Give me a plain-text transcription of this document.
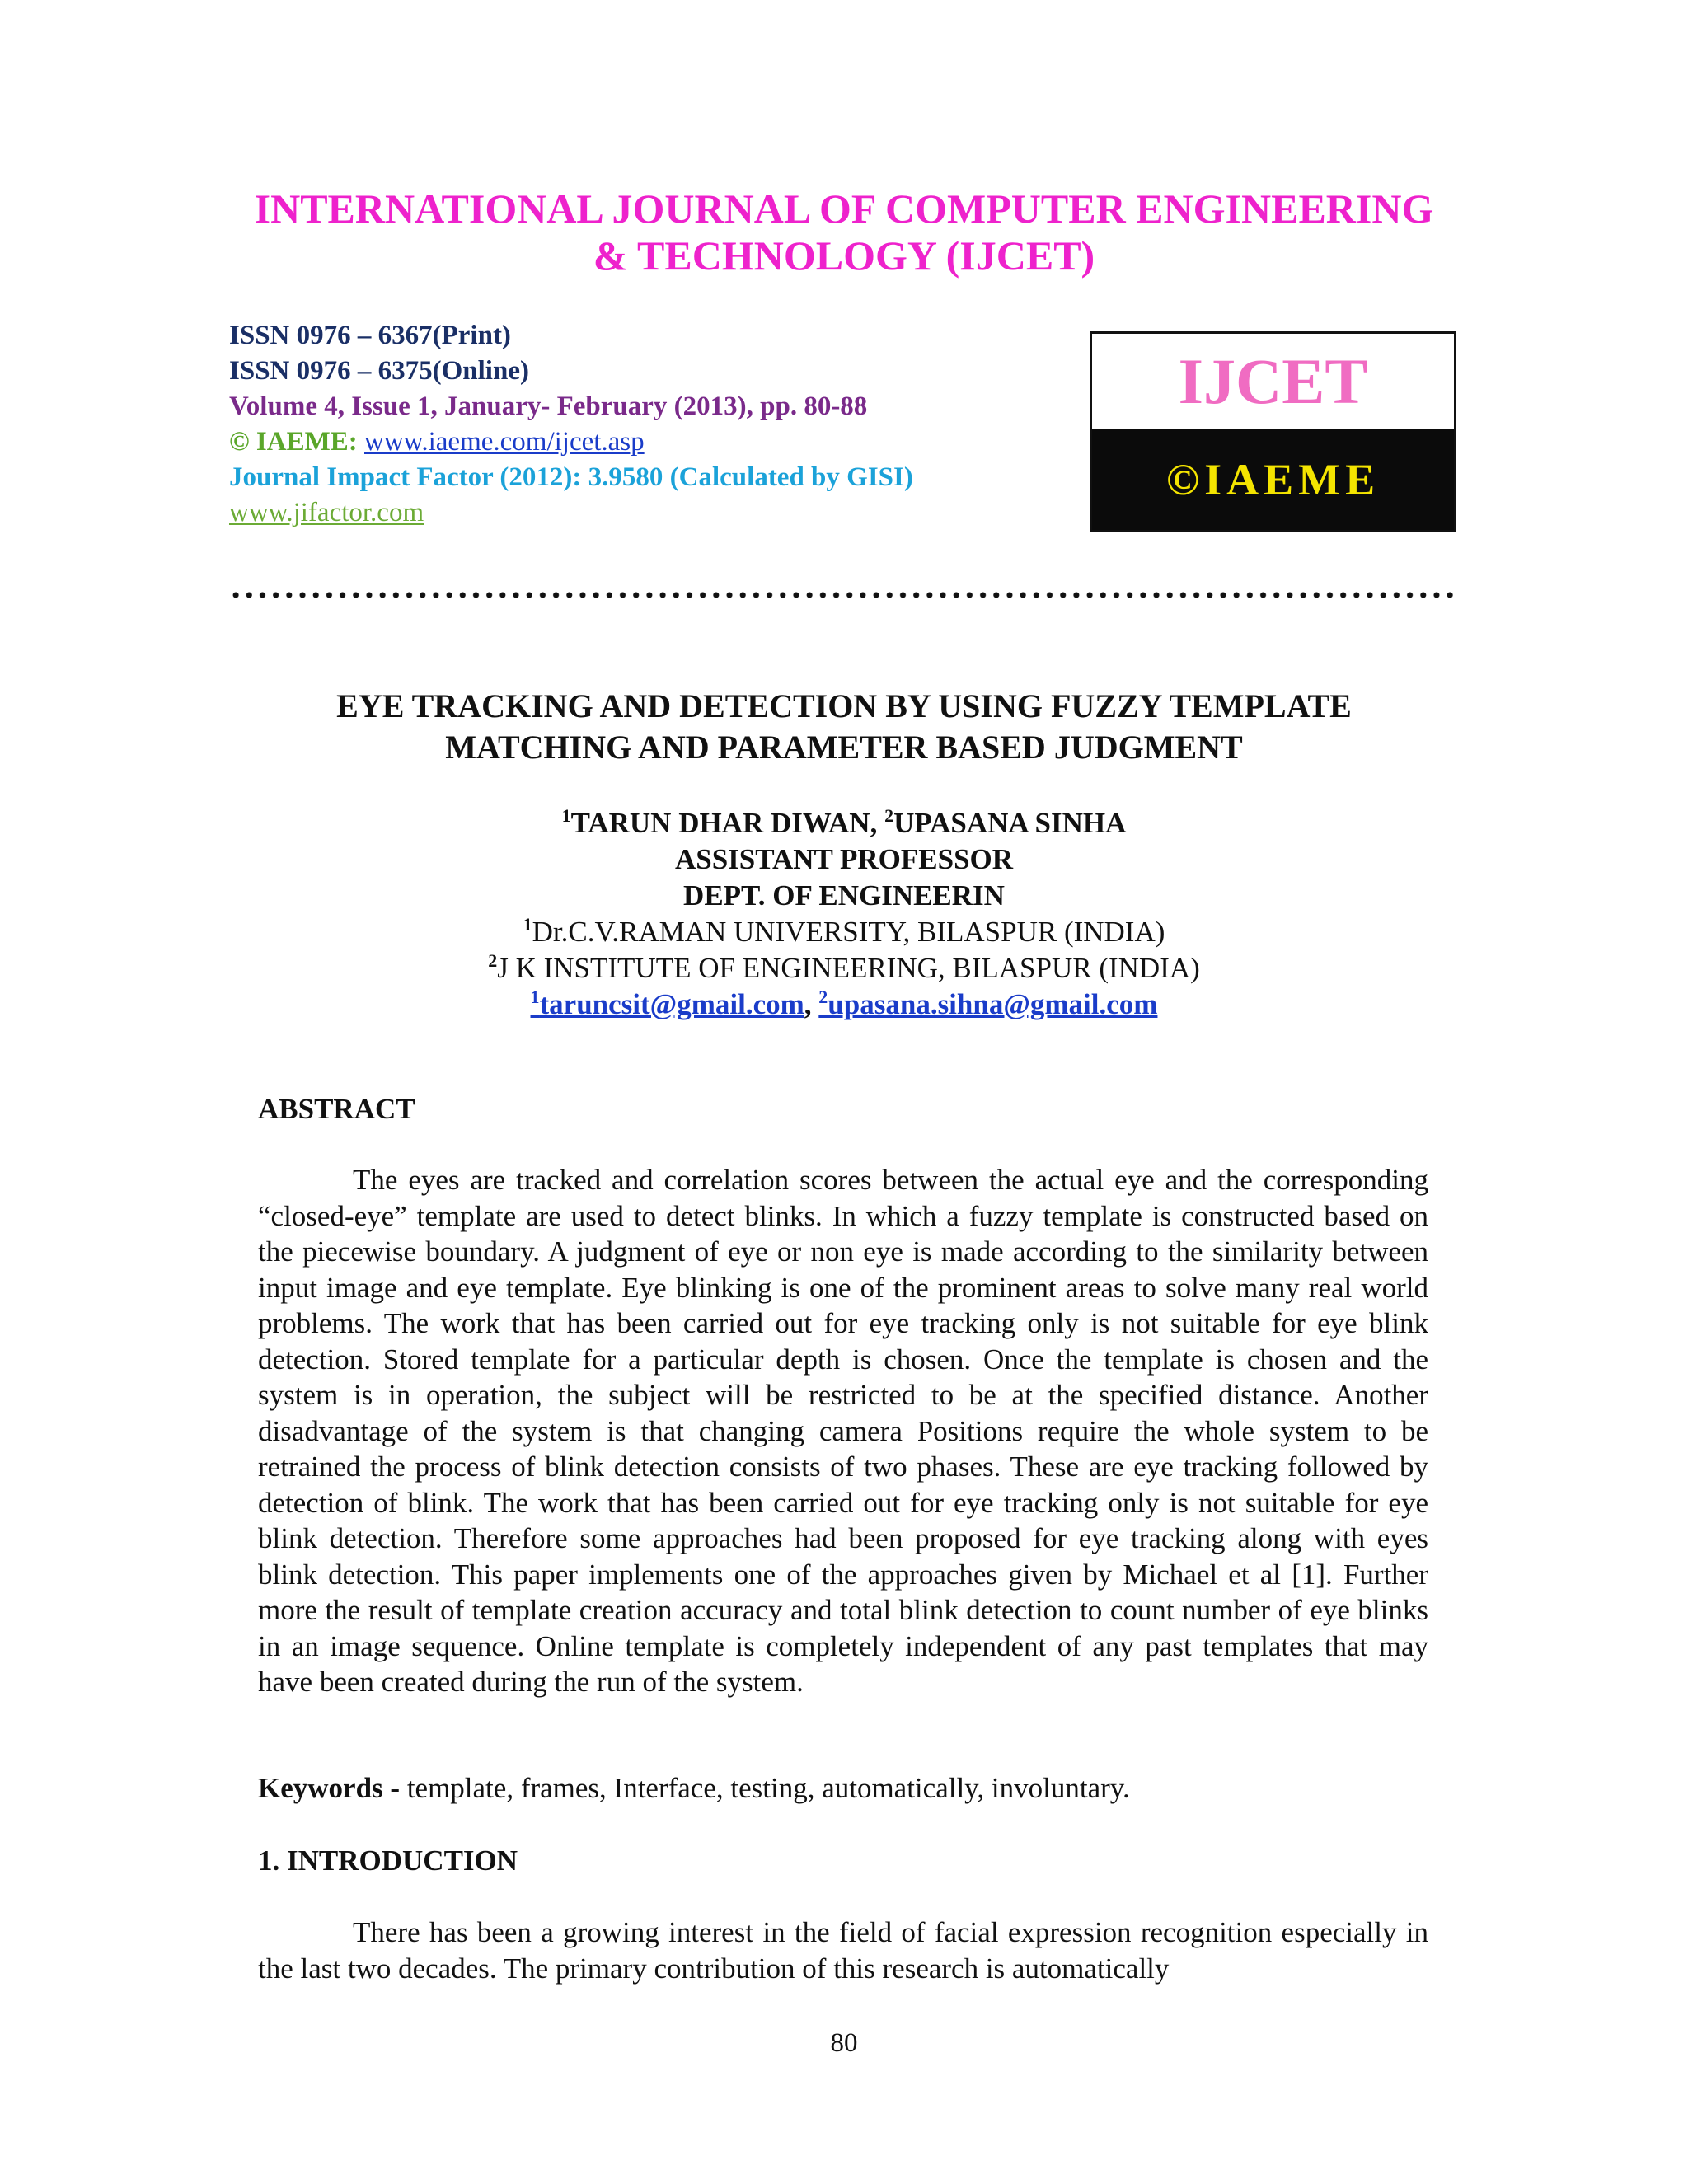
INTERNATIONAL JOURNAL OF COMPUTER ENGINEERING
& TECHNOLOGY (IJCET)
ISSN 0976 – 6367(Print)
ISSN 0976 – 6375(Online)
Volume 4, Issue 1, January- February (2013), pp. 80-88
© IAEME: www.iaeme.com/ijcet.asp
Journal Impact Factor (2012): 3.9580 (Calculated by GISI)
www.jifactor.com
IJCET
©IAEME
EYE TRACKING AND DETECTION BY USING FUZZY TEMPLATE
MATCHING AND PARAMETER BASED JUDGMENT
$^1$TARUN DHAR DIWAN, $^2$UPASANA SINHA
ASSISTANT PROFESSOR
DEPT. OF ENGINEERIN
$^1$Dr.C.V.RAMAN UNIVERSITY, BILASPUR (INDIA)
$^2$J K INSTITUTE OF ENGINEERING, BILASPUR (INDIA)
$^1$taruncsit@gmail.com, $^2$upasana.sihna@gmail.com
ABSTRACT
The eyes are tracked and correlation scores between the actual eye and the corresponding “closed-eye” template are used to detect blinks. In which a fuzzy template is constructed based on the piecewise boundary. A judgment of eye or non eye is made according to the similarity between input image and eye template. Eye blinking is one of the prominent areas to solve many real world problems. The work that has been carried out for eye tracking only is not suitable for eye blink detection. Stored template for a particular depth is chosen. Once the template is chosen and the system is in operation, the subject will be restricted to be at the specified distance. Another disadvantage of the system is that changing camera Positions require the whole system to be retrained the process of blink detection consists of two phases. These are eye tracking followed by detection of blink. The work that has been carried out for eye tracking only is not suitable for eye blink detection. Therefore some approaches had been proposed for eye tracking along with eyes blink detection. This paper implements one of the approaches given by Michael et al [1]. Further more the result of template creation accuracy and total blink detection to count number of eye blinks in an image sequence. Online template is completely independent of any past templates that may have been created during the run of the system.
Keywords - template, frames, Interface, testing, automatically, involuntary.
1. INTRODUCTION
There has been a growing interest in the field of facial expression recognition especially in the last two decades. The primary contribution of this research is automatically
80
